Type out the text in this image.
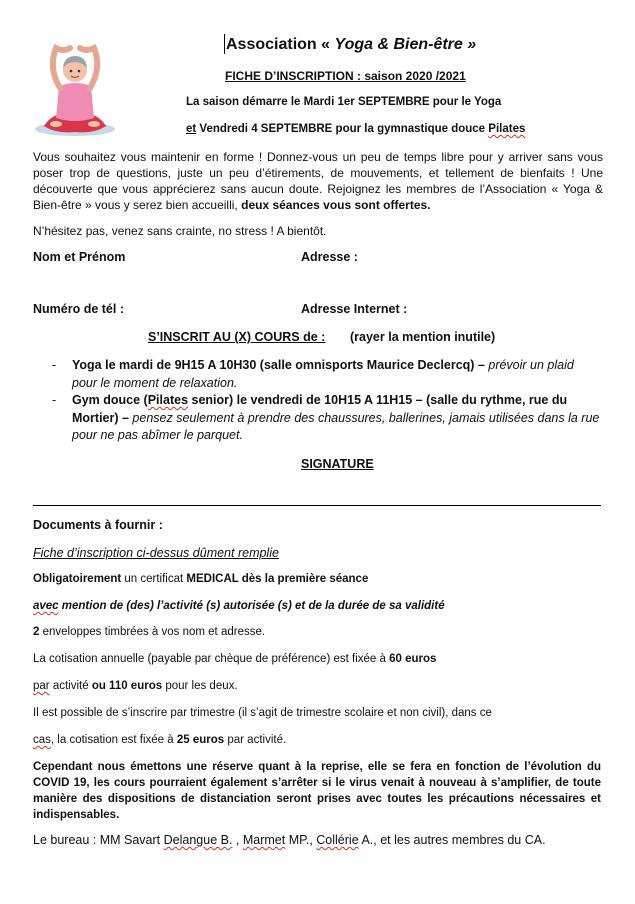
Association « Yoga & Bien-être »
FICHE D’INSCRIPTION : saison 2020 /2021
La saison démarre le Mardi 1er SEPTEMBRE pour le Yoga
et Vendredi 4 SEPTEMBRE pour la gymnastique douce Pilates
Vous souhaitez vous maintenir en forme ! Donnez-vous un peu de temps libre pour y arriver sans vous poser trop de questions, juste un peu d’étirements, de mouvements, et tellement de bienfaits ! Une découverte que vous apprécierez sans aucun doute. Rejoignez les membres de l’Association « Yoga & Bien-être » vous y serez bien accueilli, deux séances vous sont offertes.
N’hésitez pas, venez sans crainte, no stress ! A bientôt.
Nom et Prénom	Adresse :
Numéro de tél :	Adresse Internet :
S’INSCRIT AU (X) COURS de : (rayer la mention inutile)
- Yoga le mardi de 9H15 A 10H30 (salle omnisports Maurice Declercq) – prévoir un plaid pour le moment de relaxation.
- Gym douce (Pilates senior) le vendredi de 10H15 A 11H15 – (salle du rythme, rue du Mortier) – pensez seulement à prendre des chaussures, ballerines, jamais utilisées dans la rue pour ne pas abîmer le parquet.
SIGNATURE
Documents à fournir :
Fiche d’inscription ci-dessus dûment remplie
Obligatoirement un certificat MEDICAL dès la première séance
avec mention de (des) l’activité (s) autorisée (s) et de la durée de sa validité
2 enveloppes timbrées à vos nom et adresse.
La cotisation annuelle (payable par chèque de préférence) est fixée à 60 euros
par activité ou 110 euros pour les deux.
Il est possible de s’inscrire par trimestre (il s’agit de trimestre scolaire et non civil), dans ce
cas, la cotisation est fixée à 25 euros par activité.
Cependant nous émettons une réserve quant à la reprise, elle se fera en fonction de l’évolution du COVID 19, les cours pourraient également s’arrêter si le virus venait à nouveau à s’amplifier, de toute manière des dispositions de distanciation seront prises avec toutes les précautions nécessaires et indispensables.
Le bureau : MM Savart Delangue B. , Marmet MP., Collérie A., et les autres membres du CA.
